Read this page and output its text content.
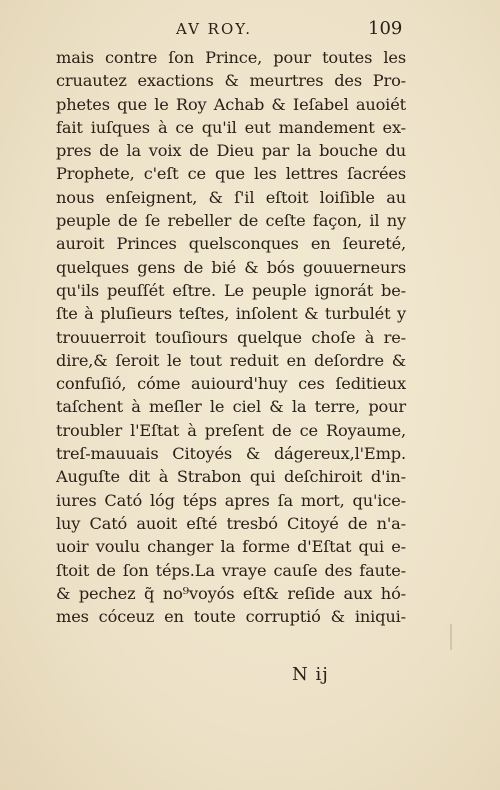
AV ROY.	109
mais contre ſon Prince, pour toutes les
cruautez exactions & meurtres des Pro-
phetes que le Roy Achab & Ieſabel auoiét
fait iuſques à ce qu'il eut mandement ex-
pres de la voix de Dieu par la bouche du
Prophete, c'eſt ce que les lettres ſacrées
nous enſeignent, & ſ'il eſtoit loiſible au
peuple de ſe rebeller de ceſte façon, il ny
auroit Princes quelsconques en ſeureté,
quelques gens de bié & bós gouuerneurs
qu'ils peuſſét eſtre. Le peuple ignorát be-
ſte à pluſieurs teſtes, inſolent & turbulét y
trouuerroit touſiours quelque choſe à re-
dire,& ſeroit le tout reduit en deſordre &
confuſió, cóme auiourd'huy ces ſeditieux
taſchent à meſler le ciel & la terre, pour
troubler l'Eſtat à preſent de ce Royaume,
treſ-mauuais Citoyés & dágereux,l'Emp.
Auguſte dit à Strabon qui deſchiroit d'in-
iures Cató lóg téps apres ſa mort, qu'ice-
luy Cató auoit eſté tresbó Citoyé de n'a-
uoir voulu changer la forme d'Eſtat qui e-
ſtoit de ſon téps.La vraye cauſe des faute-
& pechez q̃ no⁹voyós eſt& reſide aux hó-
mes cóceuz en toute corruptió & iniqui-
N ij
